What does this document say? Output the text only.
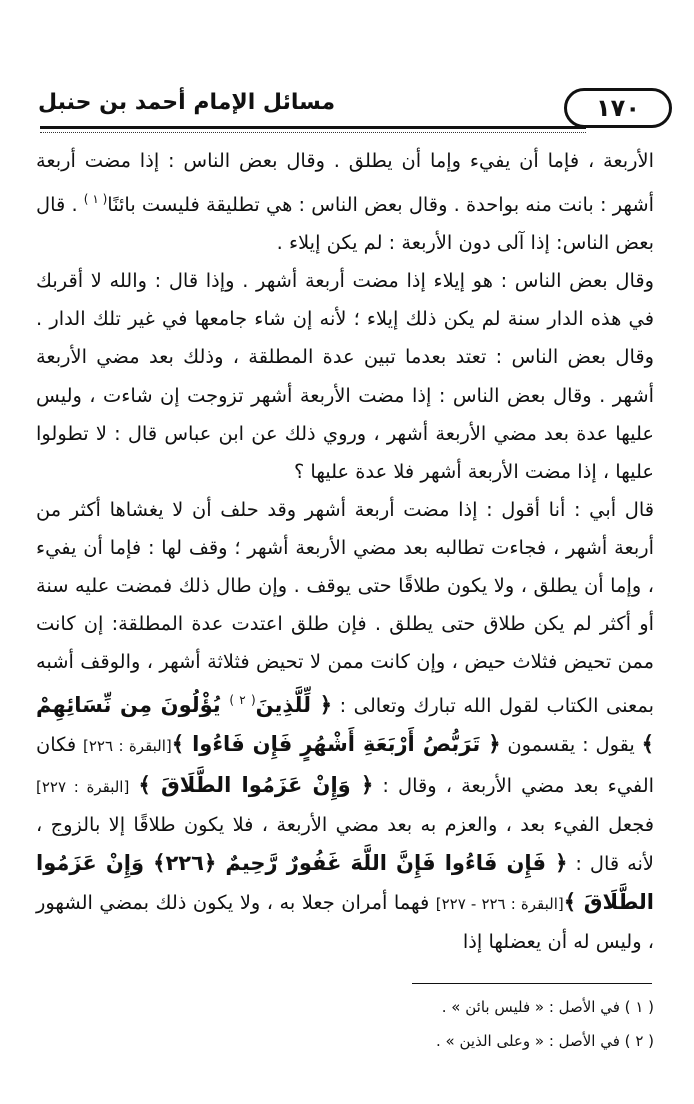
مسائل الإمام أحمد بن حنبل	١٧٠

الأربعة ، فإما أن يفيء وإما أن يطلق . وقال بعض الناس : إذا مضت أربعة أشهر : بانت منه بواحدة . وقال بعض الناس : هي تطليقة فليست بائنًا$^{( ١ )}$ . قال بعض الناس: إذا آلى دون الأربعة : لم يكن إيلاء .

وقال بعض الناس : هو إيلاء إذا مضت أربعة أشهر . وإذا قال : والله لا أقربك في هذه الدار سنة لم يكن ذلك إيلاء ؛ لأنه إن شاء جامعها في غير تلك الدار . وقال بعض الناس : تعتد بعدما تبين عدة المطلقة ، وذلك بعد مضي الأربعة أشهر . وقال بعض الناس : إذا مضت الأربعة أشهر تزوجت إن شاءت ، وليس عليها عدة بعد مضي الأربعة أشهر ، وروي ذلك عن ابن عباس قال : لا تطولوا عليها ، إذا مضت الأربعة أشهر فلا عدة عليها ؟

قال أبي : أنا أقول : إذا مضت أربعة أشهر وقد حلف أن لا يغشاها أكثر من أربعة أشهر ، فجاءت تطالبه بعد مضي الأربعة أشهر ؛ وقف لها : فإما أن يفيء ، وإما أن يطلق ، ولا يكون طلاقًا حتى يوقف . وإن طال ذلك فمضت عليه سنة أو أكثر لم يكن طلاق حتى يطلق . فإن طلق اعتدت عدة المطلقة: إن كانت ممن تحيض فثلاث حيض ، وإن كانت ممن لا تحيض فثلاثة أشهر ، والوقف أشبه بمعنى الكتاب لقول الله تبارك وتعالى : ﴿ لِّلَّذِينَ$^{( ٢ )}$ يُؤْلُونَ مِن نِّسَائِهِمْ ﴾ يقول : يقسمون ﴿ تَرَبُّصُ أَرْبَعَةِ أَشْهُرٍ فَإِن فَاءُوا ﴾[البقرة : ٢٢٦] فكان الفيء بعد مضي الأربعة ، وقال : ﴿ وَإِنْ عَزَمُوا الطَّلَاقَ ﴾ [البقرة : ٢٢٧] فجعل الفيء بعد ، والعزم به بعد مضي الأربعة ، فلا يكون طلاقًا إلا بالزوج ، لأنه قال : ﴿ فَإِن فَاءُوا فَإِنَّ اللَّهَ غَفُورٌ رَّحِيمٌ ﴿٢٢٦﴾ وَإِنْ عَزَمُوا الطَّلَاقَ ﴾[البقرة : ٢٢٦ - ٢٢٧] فهما أمران جعلا به ، ولا يكون ذلك بمضي الشهور ، وليس له أن يعضلها إذا

( ١ ) في الأصل : « فليس بائن » .
( ٢ ) في الأصل : « وعلى الذين » .
